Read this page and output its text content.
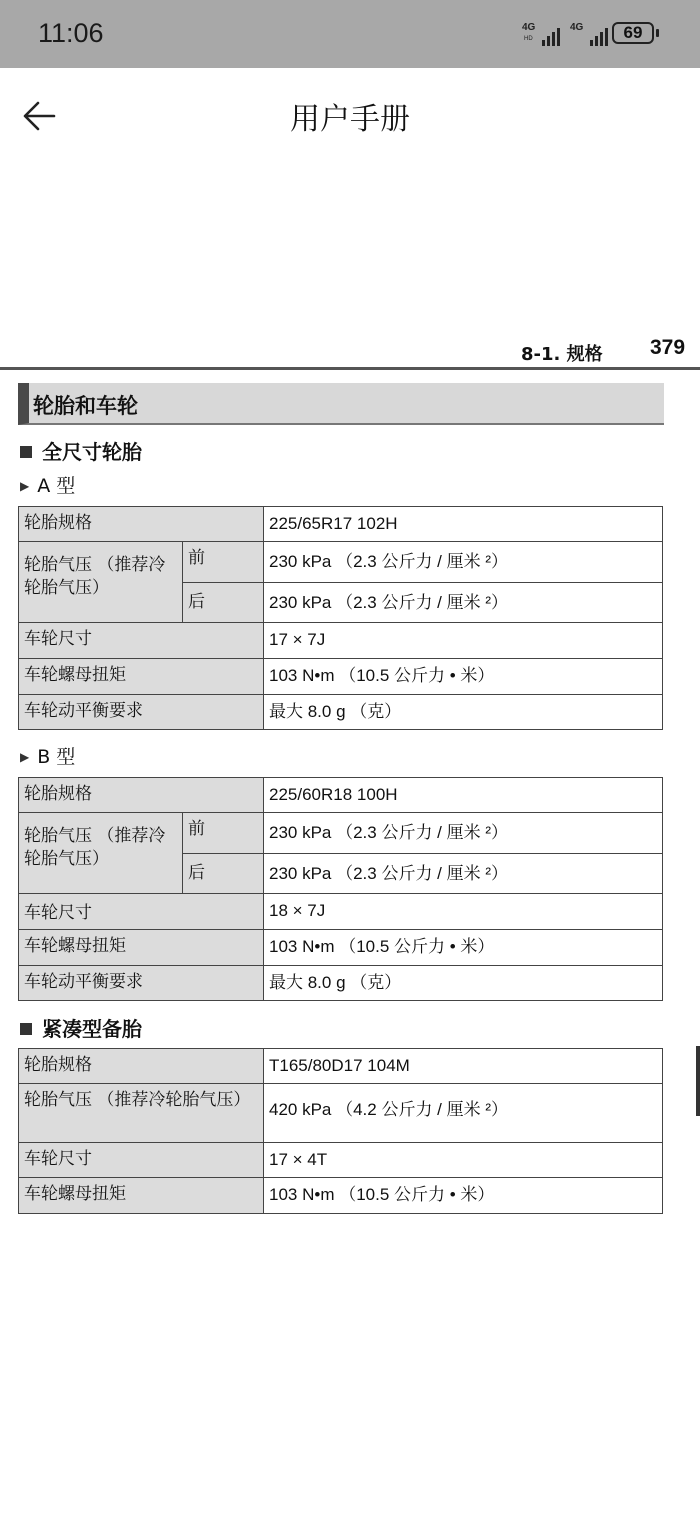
11:06	4G
HD
4G	69
用户手册
8-1. 规格 379
轮胎和车轮
全尺寸轮胎
▶ A 型
轮胎规格		225/65R17 102H

轮胎气压 （推荐冷轮胎气压）	前	230 kPa （2.3 公斤力 / 厘米 ²）

	后	230 kPa （2.3 公斤力 / 厘米 ²）

车轮尺寸		17 × 7J

车轮螺母扭矩		103 N•m （10.5 公斤力 • 米）

车轮动平衡要求		最大 8.0 g （克）
▶ B 型
轮胎规格		225/60R18 100H

轮胎气压 （推荐冷轮胎气压）	前	230 kPa （2.3 公斤力 / 厘米 ²）

	后	230 kPa （2.3 公斤力 / 厘米 ²）

车轮尺寸		18 × 7J

车轮螺母扭矩		103 N•m （10.5 公斤力 • 米）

车轮动平衡要求		最大 8.0 g （克）
紧凑型备胎
轮胎规格	T165/80D17 104M

轮胎气压 （推荐冷轮胎气压）	420 kPa （4.2 公斤力 / 厘米 ²）

车轮尺寸	17 × 4T

车轮螺母扭矩	103 N•m （10.5 公斤力 • 米）
